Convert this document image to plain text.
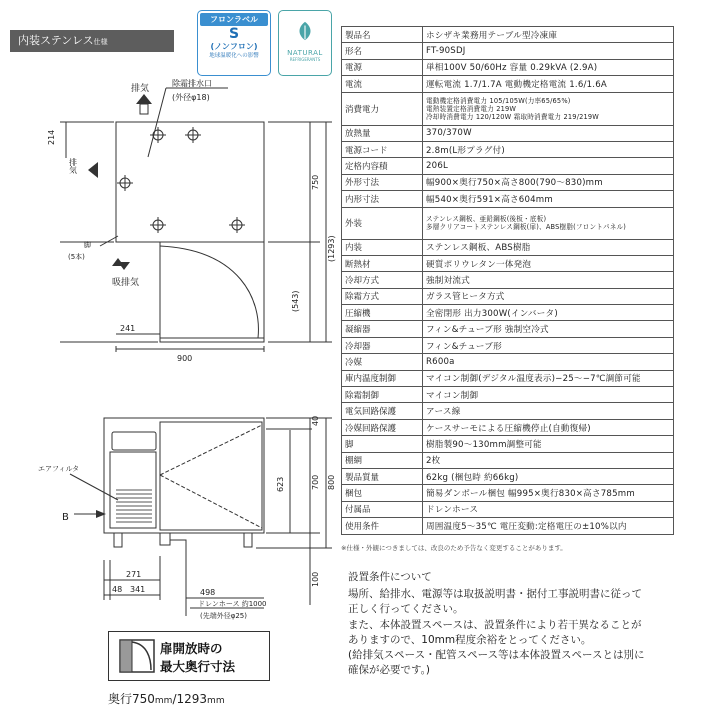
内装ステンレス仕様
フロンラベル
S
(ノンフロン)
地球温暖化への影響	NATURAL
REFRIGERANTS
製品名	ホシザキ業務用テーブル型冷凍庫
形名	FT-90SDJ
電源	単相100V 50/60Hz 容量 0.29kVA (2.9A)
電流	運転電流 1.7/1.7A 電動機定格電流 1.6/1.6A
消費電力	電動機定格消費電力 105/105W(力率65/65%)
電熱装置定格消費電力 219W
冷却時消費電力 120/120W 霜取時消費電力 219/219W

放熱量	370/370W
電源コード	2.8m(L形プラグ付)
定格内容積	206L
外形寸法	幅900×奥行750×高さ800(790〜830)mm
内形寸法	幅540×奥行591×高さ604mm
外装	ステンレス鋼板、亜鉛鋼板(後板・底板)
多層クリアコートステンレス鋼板(扉)、ABS樹脂(フロントパネル)

内装	ステンレス鋼板、ABS樹脂
断熱材	硬質ポリウレタン一体発泡
冷却方式	強制対流式
除霜方式	ガラス管ヒータ方式
圧縮機	全密閉形 出力300W(インバータ)
凝縮器	フィン&チューブ形 強制空冷式
冷却器	フィン&チューブ形
冷媒	R600a
庫内温度制御	マイコン制御(デジタル温度表示)−25〜−7℃調節可能
除霜制御	マイコン制御
電気回路保護	アース線
冷媒回路保護	ケースサーモによる圧縮機停止(自動復帰)
脚	樹脂製90〜130mm調整可能
棚網	2枚
製品質量	62kg (梱包時 約66kg)
梱包	簡易ダンボール梱包 幅995×奥行830×高さ785mm
付属品	ドレンホース
使用条件	周囲温度5〜35℃ 電圧変動:定格電圧の±10%以内
※仕様・外観につきましては、改良のため予告なく変更することがあります。

設置条件について

場所、給排水、電源等は取扱説明書・据付工事説明書に従って

正しく行ってください。

また、本体設置スペースは、設置条件により若干異なることが

ありますので、10mm程度余裕をとってください。

(給排気スペース・配管スペース等は本体設置スペースとは別に

確保が必要です。)

排気
除霜排水口
(外径φ18)
排気
脚
(5本)
吸排気
214
750
(1293)
(543)
241
900
40
623	700 800
100
エアフィルタ
B
271
48 341	498
ドレンホース 約1000
(先端外径φ25)
扉開放時の
最大奥行寸法
奥行750mm/1293mm
